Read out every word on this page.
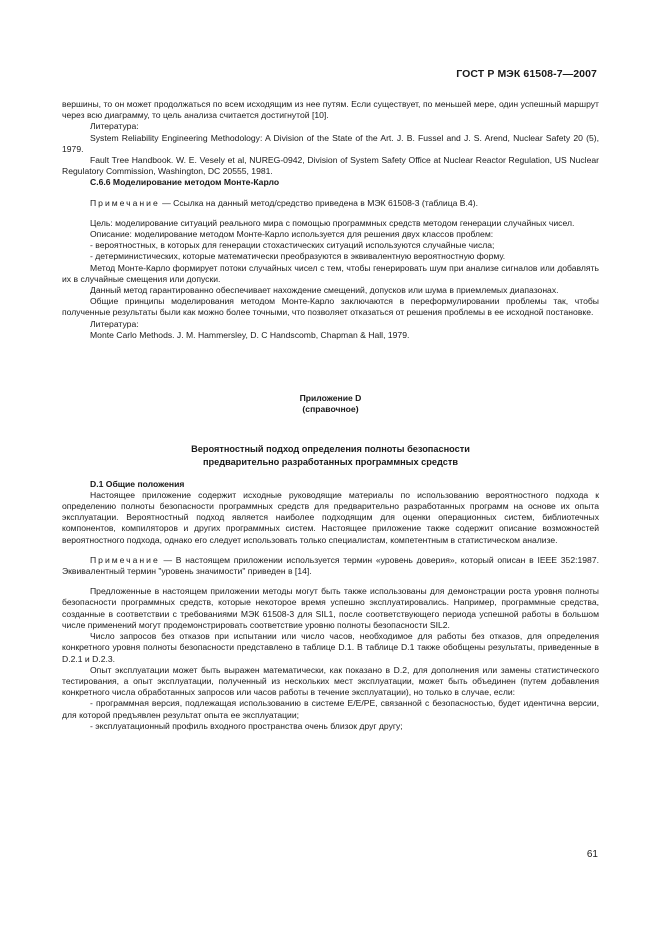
ГОСТ Р МЭК 61508-7—2007

вершины, то он может продолжаться по всем исходящим из нее путям. Если существует, по меньшей мере, один успешный маршрут через всю диаграмму, то цель анализа считается достигнутой [10].

Литература:

System Reliability Engineering Methodology: A Division of the State of the Art. J. B. Fussel and J. S. Arend, Nuclear Safety 20 (5), 1979.

Fault Tree Handbook. W. E. Vesely et al, NUREG-0942, Division of System Safety Office at Nuclear Reactor Regulation, US Nuclear Regulatory Commission, Washington, DC 20555, 1981.

С.6.6 Моделирование методом Монте-Карло

Примечание — Ссылка на данный метод/средство приведена в МЭК 61508-3 (таблица В.4).

Цель: моделирование ситуаций реального мира с помощью программных средств методом генерации случайных чисел.

Описание: моделирование методом Монте-Карло используется для решения двух классов проблем:

- вероятностных, в которых для генерации стохастических ситуаций используются случайные числа;

- детерминистических, которые математически преобразуются в эквивалентную вероятностную форму.

Метод Монте-Карло формирует потоки случайных чисел с тем, чтобы генерировать шум при анализе сигналов или добавлять их в случайные смещения или допуски.

Данный метод гарантированно обеспечивает нахождение смещений, допусков или шума в приемлемых диапазонах.

Общие принципы моделирования методом Монте-Карло заключаются в переформулировании проблемы так, чтобы полученные результаты были как можно более точными, что позволяет отказаться от решения проблемы в ее исходной постановке.

Литература:

Monte Carlo Methods. J. M. Hammersley, D. C Handscomb, Chapman & Hall, 1979.

Приложение D

(справочное)

Вероятностный подход определения полноты безопасности

предварительно разработанных программных средств

D.1 Общие положения

Настоящее приложение содержит исходные руководящие материалы по использованию вероятностного подхода к определению полноты безопасности программных средств для предварительно разработанных программ на основе их опыта эксплуатации. Вероятностный подход является наиболее подходящим для оценки операционных систем, библиотечных компонентов, компиляторов и других программных систем. Настоящее приложение также содержит описание возможностей вероятностного подхода, однако его следует использовать только специалистам, компетентным в статистическом анализе.

Примечание — В настоящем приложении используется термин «уровень доверия», который описан в IEEE 352:1987. Эквивалентный термин "уровень значимости" приведен в [14].

Предложенные в настоящем приложении методы могут быть также использованы для демонстрации роста уровня полноты безопасности программных средств, которые некоторое время успешно эксплуатировались. Например, программные средства, созданные в соответствии с требованиями МЭК 61508-3 для SIL1, после соответствующего периода успешной работы в большом числе применений могут продемонстрировать соответствие уровню полноты безопасности SIL2.

Число запросов без отказов при испытании или число часов, необходимое для работы без отказов, для определения конкретного уровня полноты безопасности представлено в таблице D.1. В таблице D.1 также обобщены результаты, приведенные в D.2.1 и D.2.3.

Опыт эксплуатации может быть выражен математически, как показано в D.2, для дополнения или замены статистического тестирования, а опыт эксплуатации, полученный из нескольких мест эксплуатации, может быть объединен (путем добавления конкретного числа обработанных запросов или часов работы в течение эксплуатации), но только в случае, если:

- программная версия, подлежащая использованию в системе Е/Е/РЕ, связанной с безопасностью, будет идентична версии, для которой предъявлен результат опыта ее эксплуатации;

- эксплуатационный профиль входного пространства очень близок друг другу;

61
